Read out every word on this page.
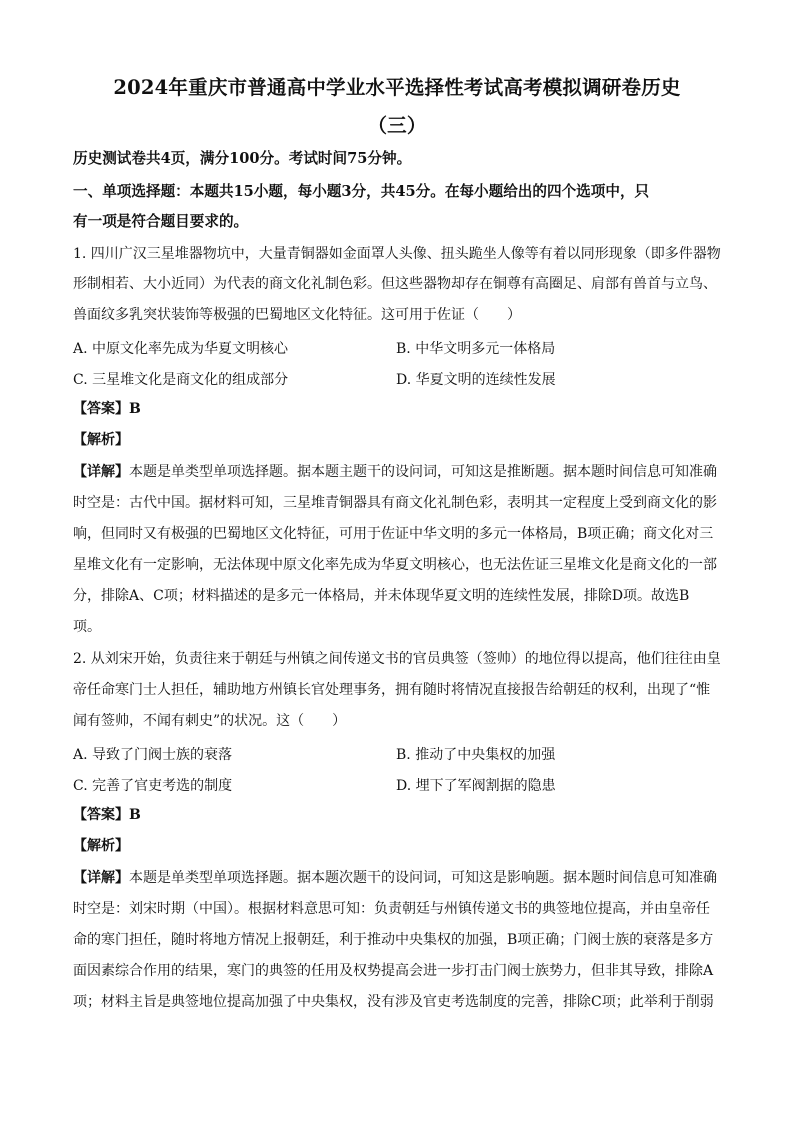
2024年重庆市普通高中学业水平选择性考试高考模拟调研卷历史
（三）
历史测试卷共4页，满分100分。考试时间75分钟。
一、单项选择题：本题共15小题，每小题3分，共45分。在每小题给出的四个选项中，只
有一项是符合题目要求的。
1. 四川广汉三星堆器物坑中，大量青铜器如金面罩人头像、扭头跪坐人像等有着以同形现象（即多件器物
形制相若、大小近同）为代表的商文化礼制色彩。但这些器物却存在铜尊有高圈足、肩部有兽首与立鸟、
兽面纹多乳突状装饰等极强的巴蜀地区文化特征。这可用于佐证（　　）
A. 中原文化率先成为华夏文明核心	B. 中华文明多元一体格局
C. 三星堆文化是商文化的组成部分	D. 华夏文明的连续性发展
【答案】B
【解析】
【详解】本题是单类型单项选择题。据本题主题干的设问词，可知这是推断题。据本题时间信息可知准确
时空是：古代中国。据材料可知，三星堆青铜器具有商文化礼制色彩，表明其一定程度上受到商文化的影
响，但同时又有极强的巴蜀地区文化特征，可用于佐证中华文明的多元一体格局，B项正确；商文化对三
星堆文化有一定影响，无法体现中原文化率先成为华夏文明核心，也无法佐证三星堆文化是商文化的一部
分，排除A、C项；材料描述的是多元一体格局，并未体现华夏文明的连续性发展，排除D项。故选B
项。
2. 从刘宋开始，负责往来于朝廷与州镇之间传递文书的官员典签（签帅）的地位得以提高，他们往往由皇
帝任命寒门士人担任，辅助地方州镇长官处理事务，拥有随时将情况直接报告给朝廷的权利，出现了“惟
闻有签帅，不闻有刺史”的状况。这（　　）
A. 导致了门阀士族的衰落	B. 推动了中央集权的加强
C. 完善了官吏考选的制度	D. 埋下了军阀割据的隐患
【答案】B
【解析】
【详解】本题是单类型单项选择题。据本题次题干的设问词，可知这是影响题。据本题时间信息可知准确
时空是：刘宋时期（中国）。根据材料意思可知：负责朝廷与州镇传递文书的典签地位提高，并由皇帝任
命的寒门担任，随时将地方情况上报朝廷，利于推动中央集权的加强，B项正确；门阀士族的衰落是多方
面因素综合作用的结果，寒门的典签的任用及权势提高会进一步打击门阀士族势力，但非其导致，排除A
项；材料主旨是典签地位提高加强了中央集权，没有涉及官吏考选制度的完善，排除C项；此举利于削弱
